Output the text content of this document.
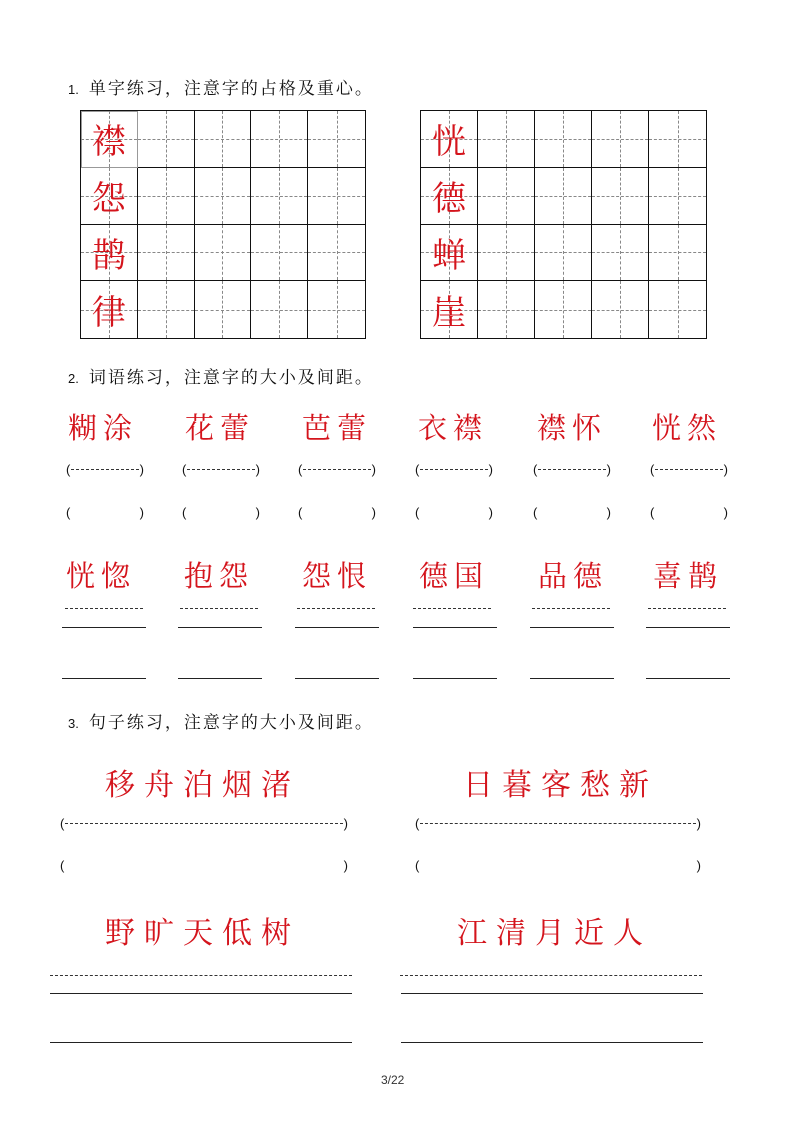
1. 单字练习，注意字的占格及重心。
襟
怨
鹊
律
恍
德
蝉
崖
2. 词语练习，注意字的大小及间距。
糊涂 花蕾 芭蕾 衣襟 襟怀 恍然
(	)	(	)	(	)	(	)	(	)	(	)
(	)	(	)	(	)	(	)	(	)	(	)
恍惚 抱怨 怨恨 德国 品德 喜鹊
3. 句子练习，注意字的大小及间距。
移舟泊烟渚	日暮客愁新
(	)	(	)
(	)	(	)
野旷天低树	江清月近人
3/22
